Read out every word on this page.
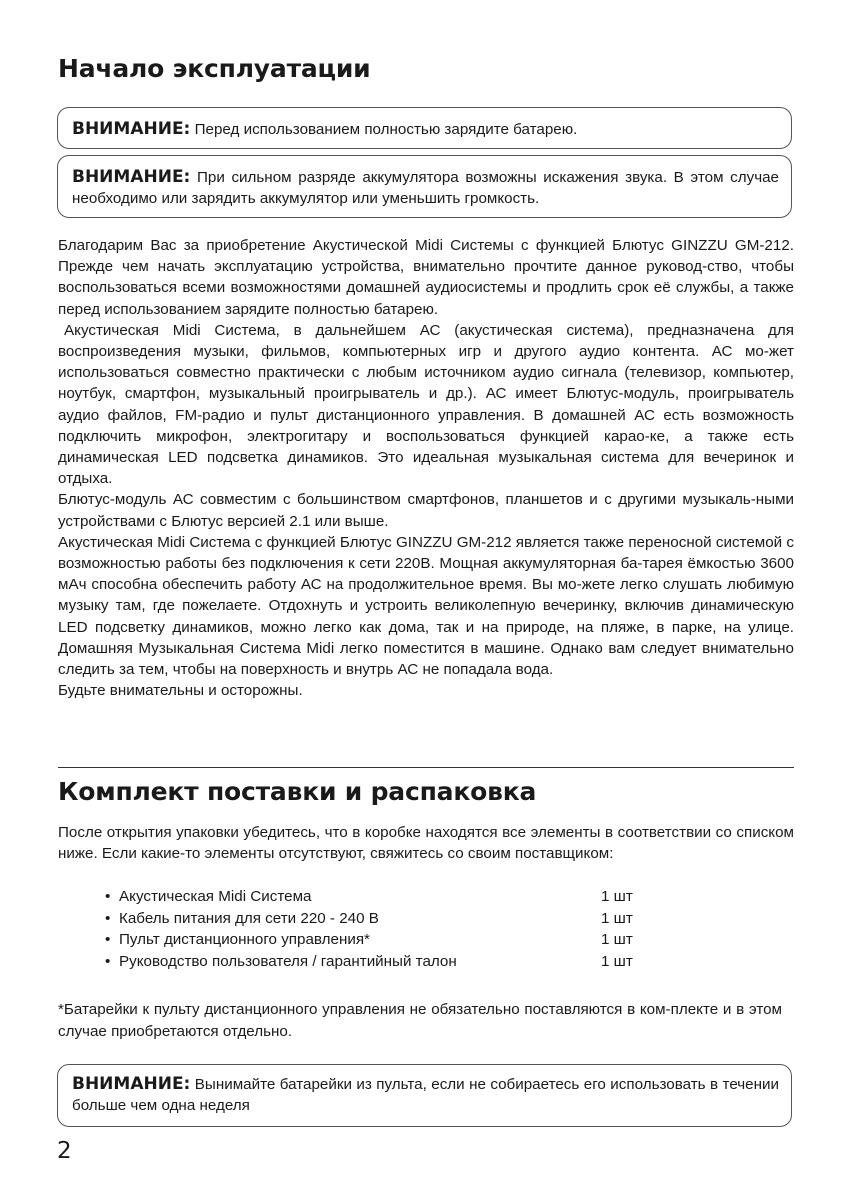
Начало эксплуатации
ВНИМАНИЕ: Перед использованием полностью зарядите батарею.
ВНИМАНИЕ: При сильном разряде аккумулятора возможны искажения звука. В этом случае необходимо или зарядить аккумулятор или уменьшить громкость.

Благодарим Вас за приобретение Акустической Midi Системы с функцией Блютус GINZZU GM-212. Прежде чем начать эксплуатацию устройства, внимательно прочтите данное руковод-ство, чтобы воспользоваться всеми возможностями домашней аудиосистемы и продлить срок её службы, а также перед использованием зарядите полностью батарею.

Акустическая Midi Система, в дальнейшем АС (акустическая система), предназначена для воспроизведения музыки, фильмов, компьютерных игр и другого аудио контента. АС мо-жет использоваться совместно практически с любым источником аудио сигнала (телевизор, компьютер, ноутбук, смартфон, музыкальный проигрыватель и др.). АС имеет Блютус-модуль, проигрыватель аудио файлов, FM-радио и пульт дистанционного управления. В домашней АС есть возможность подключить микрофон, электрогитару и воспользоваться функцией карао-ке, а также есть динамическая LED подсветка динамиков. Это идеальная музыкальная система для вечеринок и отдыха.

Блютус-модуль АС совместим с большинством смартфонов, планшетов и с другими музыкаль-ными устройствами с Блютус версией 2.1 или выше.

Акустическая Midi Система с функцией Блютус GINZZU GM-212 является также переносной системой с возможностью работы без подключения к сети 220В. Мощная аккумуляторная ба-тарея ёмкостью 3600 мАч способна обеспечить работу АС на продолжительное время. Вы мо-жете легко слушать любимую музыку там, где пожелаете. Отдохнуть и устроить великолепную вечеринку, включив динамическую LED подсветку динамиков, можно легко как дома, так и на природе, на пляже, в парке, на улице. Домашняя Музыкальная Система Midi легко поместится в машине. Однако вам следует внимательно следить за тем, чтобы на поверхность и внутрь АС не попадала вода.

Будьте внимательны и осторожны.

Комплект поставки и распаковка

После открытия упаковки убедитесь, что в коробке находятся все элементы в соответствии со списком ниже. Если какие-то элементы отсутствуют, свяжитесь со своим поставщиком:

• Акустическая Midi Система	1 шт
• Кабель питания для сети 220 - 240 В	1 шт
• Пульт дистанционного управления*	1 шт
• Руководство пользователя / гарантийный талон	1 шт

*Батарейки к пульту дистанционного управления не обязательно поставляются в ком-плекте и в этом случае приобретаются отдельно.

ВНИМАНИЕ: Вынимайте батарейки из пульта, если не собираетесь его использовать в течении больше чем одна неделя
2
